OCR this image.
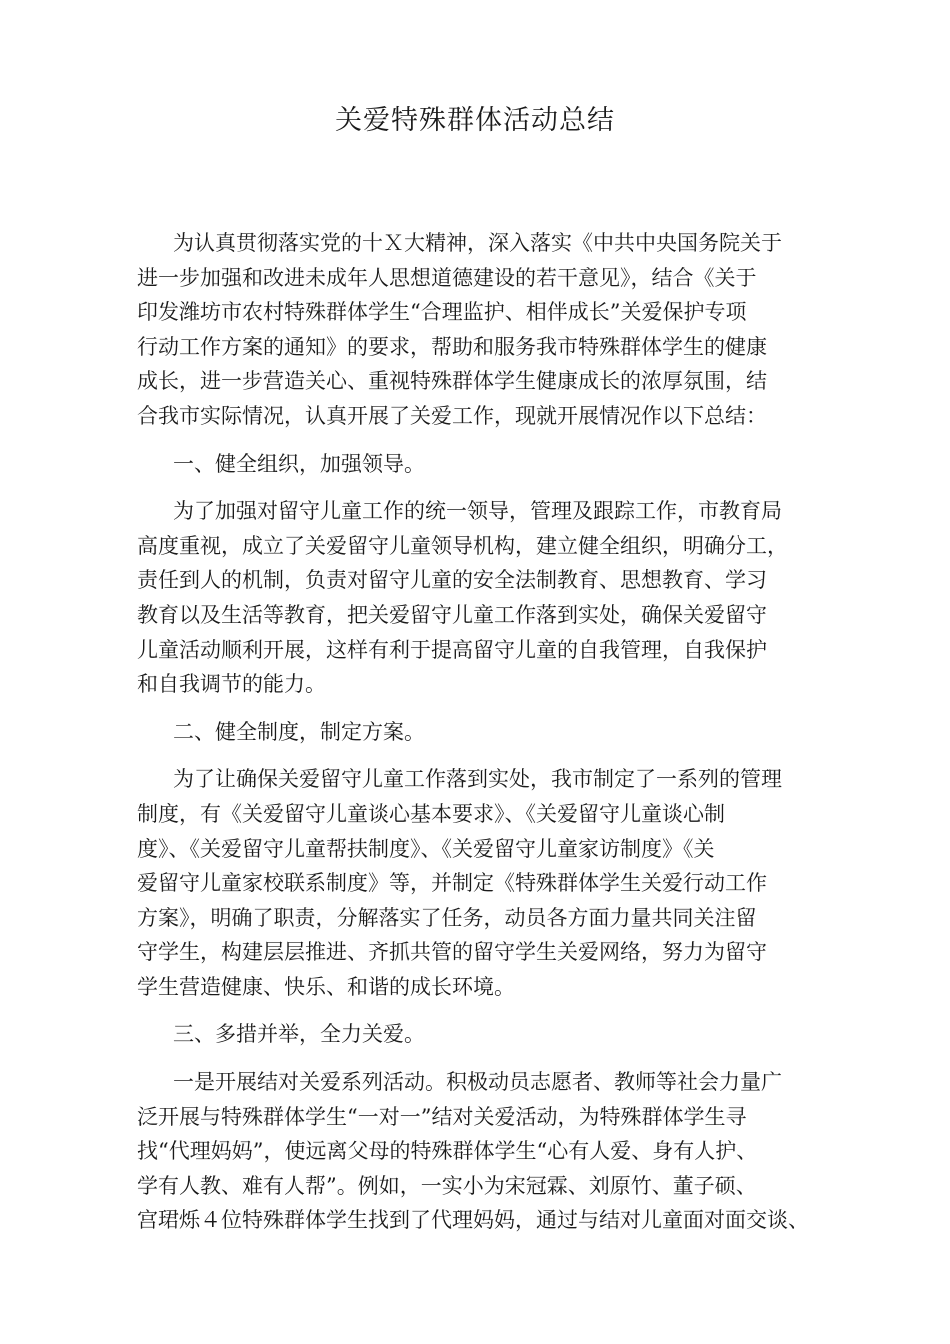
关爱特殊群体活动总结

为认真贯彻落实党的十Ｘ大精神，深入落实《中共中央国务院关于
进一步加强和改进未成年人思想道德建设的若干意见》，结合《关于
印发潍坊市农村特殊群体学生“合理监护、相伴成长”关爱保护专项
行动工作方案的通知》的要求，帮助和服务我市特殊群体学生的健康
成长，进一步营造关心、重视特殊群体学生健康成长的浓厚氛围，结
合我市实际情况，认真开展了关爱工作，现就开展情况作以下总结：

一、健全组织，加强领导。

为了加强对留守儿童工作的统一领导，管理及跟踪工作，市教育局
高度重视，成立了关爱留守儿童领导机构，建立健全组织，明确分工，
责任到人的机制，负责对留守儿童的安全法制教育、思想教育、学习
教育以及生活等教育，把关爱留守儿童工作落到实处，确保关爱留守
儿童活动顺利开展，这样有利于提高留守儿童的自我管理，自我保护
和自我调节的能力。

二、健全制度，制定方案。

为了让确保关爱留守儿童工作落到实处，我市制定了一系列的管理
制度，有《关爱留守儿童谈心基本要求》、《关爱留守儿童谈心制
度》、《关爱留守儿童帮扶制度》、《关爱留守儿童家访制度》《关
爱留守儿童家校联系制度》等，并制定《特殊群体学生关爱行动工作
方案》，明确了职责，分解落实了任务，动员各方面力量共同关注留
守学生，构建层层推进、齐抓共管的留守学生关爱网络，努力为留守
学生营造健康、快乐、和谐的成长环境。

三、多措并举，全力关爱。

一是开展结对关爱系列活动。积极动员志愿者、教师等社会力量广
泛开展与特殊群体学生“一对一”结对关爱活动，为特殊群体学生寻
找“代理妈妈”，使远离父母的特殊群体学生“心有人爱、身有人护、
学有人教、难有人帮”。例如，一实小为宋冠霖、刘原竹、董子硕、
宫珺烁４位特殊群体学生找到了代理妈妈，通过与结对儿童面对面交谈、
